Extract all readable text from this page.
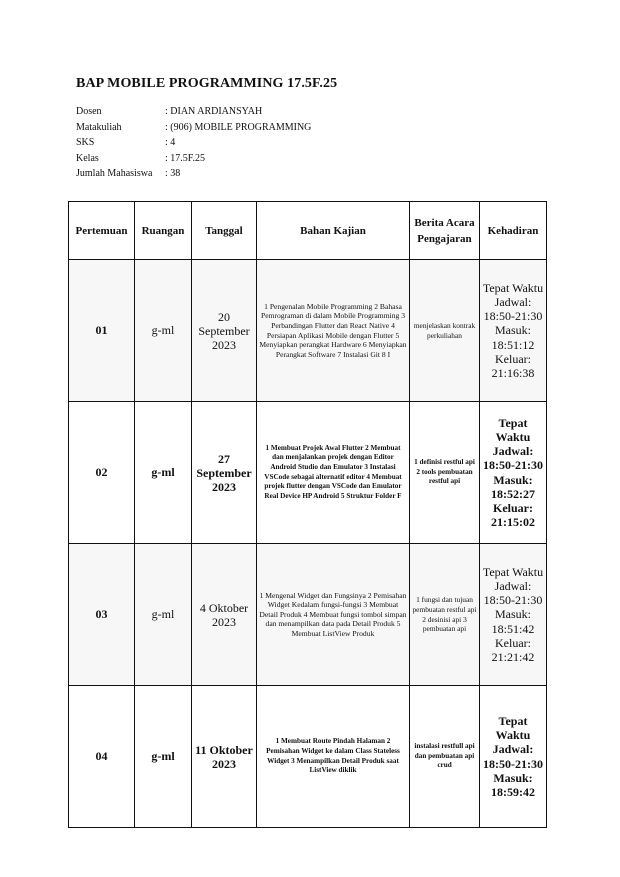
BAP MOBILE PROGRAMMING 17.5F.25
Dosen	: DIAN ARDIANSYAH
Matakuliah	: (906) MOBILE PROGRAMMING
SKS	: 4
Kelas	: 17.5F.25
Jumlah Mahasiswa	: 38
Pertemuan	Ruangan	Tanggal	Bahan Kajian	Berita Acara Pengajaran	Kehadiran
01	g-ml	20 September 2023	1 Pengenalan Mobile Programming 2 Bahasa Pemrograman di dalam Mobile Programming 3 Perbandingan Flutter dan React Native 4 Persiapan Aplikasi Mobile dengan Flutter 5 Menyiapkan perangkat Hardware 6 Menyiapkan Perangkat Software 7 Instalasi Git 8 I	menjelaskan kontrak perkuliahan	Tepat Waktu Jadwal: 18:50-21:30 Masuk: 18:51:12 Keluar: 21:16:38
02	g-ml	27 September 2023	1 Membuat Projek Awal Flutter 2 Membuat dan menjalankan projek dengan Editor Android Studio dan Emulator 3 Instalasi VSCode sebagai alternatif editor 4 Membuat projek flutter dengan VSCode dan Emulator Real Device HP Android 5 Struktur Folder F	1 definisi restful api 2 tools pembuatan restful api	Tepat Waktu Jadwal: 18:50-21:30 Masuk: 18:52:27 Keluar: 21:15:02
03	g-ml	4 Oktober 2023	1 Mengenal Widget dan Fungsinya 2 Pemisahan Widget Kedalam fungsi-fungsi 3 Membuat Detail Produk 4 Membuat fungsi tombol simpan dan menampilkan data pada Detail Produk 5 Membuat ListView Produk	1 fungsi dan tujuan pembuatan restful api 2 desinisi api 3 pembuatan api	Tepat Waktu Jadwal: 18:50-21:30 Masuk: 18:51:42 Keluar: 21:21:42
04	g-ml	11 Oktober 2023	1 Membuat Route Pindah Halaman 2 Pemisahan Widget ke dalam Class Stateless Widget 3 Menampilkan Detail Produk saat ListView diklik	instalasi restfull api dan pembuatan api crud	Tepat Waktu Jadwal: 18:50-21:30 Masuk: 18:59:42
